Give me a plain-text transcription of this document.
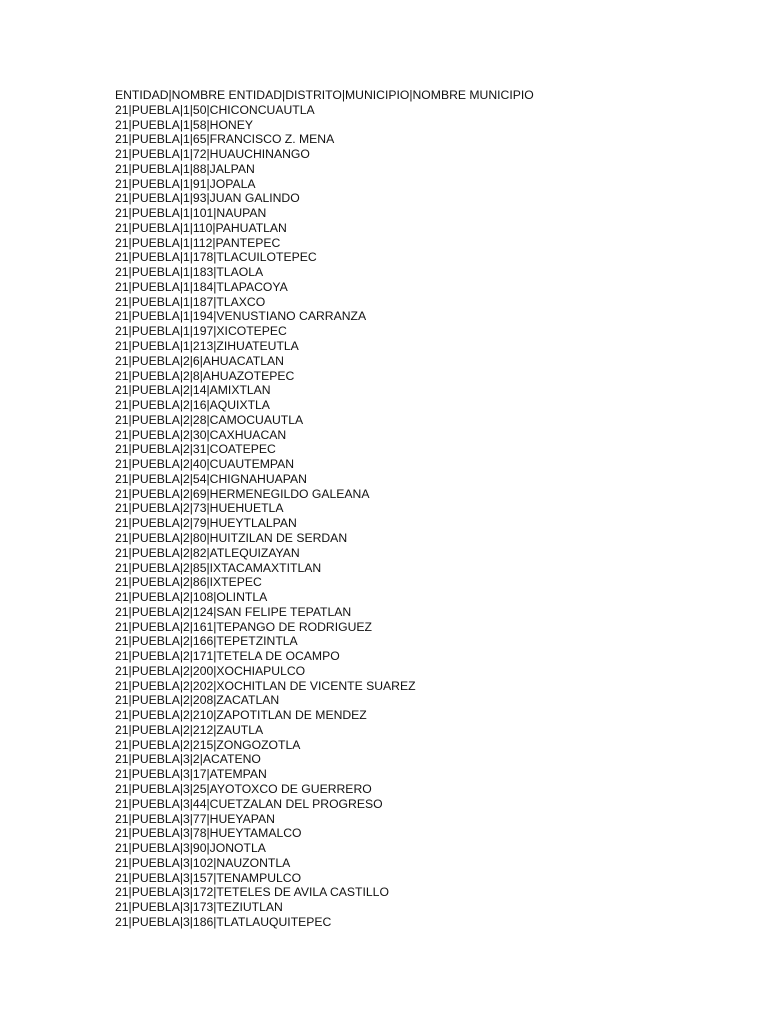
ENTIDAD|NOMBRE ENTIDAD|DISTRITO|MUNICIPIO|NOMBRE MUNICIPIO
21|PUEBLA|1|50|CHICONCUAUTLA
21|PUEBLA|1|58|HONEY
21|PUEBLA|1|65|FRANCISCO Z. MENA
21|PUEBLA|1|72|HUAUCHINANGO
21|PUEBLA|1|88|JALPAN
21|PUEBLA|1|91|JOPALA
21|PUEBLA|1|93|JUAN GALINDO
21|PUEBLA|1|101|NAUPAN
21|PUEBLA|1|110|PAHUATLAN
21|PUEBLA|1|112|PANTEPEC
21|PUEBLA|1|178|TLACUILOTEPEC
21|PUEBLA|1|183|TLAOLA
21|PUEBLA|1|184|TLAPACOYA
21|PUEBLA|1|187|TLAXCO
21|PUEBLA|1|194|VENUSTIANO CARRANZA
21|PUEBLA|1|197|XICOTEPEC
21|PUEBLA|1|213|ZIHUATEUTLA
21|PUEBLA|2|6|AHUACATLAN
21|PUEBLA|2|8|AHUAZOTEPEC
21|PUEBLA|2|14|AMIXTLAN
21|PUEBLA|2|16|AQUIXTLA
21|PUEBLA|2|28|CAMOCUAUTLA
21|PUEBLA|2|30|CAXHUACAN
21|PUEBLA|2|31|COATEPEC
21|PUEBLA|2|40|CUAUTEMPAN
21|PUEBLA|2|54|CHIGNAHUAPAN
21|PUEBLA|2|69|HERMENEGILDO GALEANA
21|PUEBLA|2|73|HUEHUETLA
21|PUEBLA|2|79|HUEYTLALPAN
21|PUEBLA|2|80|HUITZILAN DE SERDAN
21|PUEBLA|2|82|ATLEQUIZAYAN
21|PUEBLA|2|85|IXTACAMAXTITLAN
21|PUEBLA|2|86|IXTEPEC
21|PUEBLA|2|108|OLINTLA
21|PUEBLA|2|124|SAN FELIPE TEPATLAN
21|PUEBLA|2|161|TEPANGO DE RODRIGUEZ
21|PUEBLA|2|166|TEPETZINTLA
21|PUEBLA|2|171|TETELA DE OCAMPO
21|PUEBLA|2|200|XOCHIAPULCO
21|PUEBLA|2|202|XOCHITLAN DE VICENTE SUAREZ
21|PUEBLA|2|208|ZACATLAN
21|PUEBLA|2|210|ZAPOTITLAN DE MENDEZ
21|PUEBLA|2|212|ZAUTLA
21|PUEBLA|2|215|ZONGOZOTLA
21|PUEBLA|3|2|ACATENO
21|PUEBLA|3|17|ATEMPAN
21|PUEBLA|3|25|AYOTOXCO DE GUERRERO
21|PUEBLA|3|44|CUETZALAN DEL PROGRESO
21|PUEBLA|3|77|HUEYAPAN
21|PUEBLA|3|78|HUEYTAMALCO
21|PUEBLA|3|90|JONOTLA
21|PUEBLA|3|102|NAUZONTLA
21|PUEBLA|3|157|TENAMPULCO
21|PUEBLA|3|172|TETELES DE AVILA CASTILLO
21|PUEBLA|3|173|TEZIUTLAN
21|PUEBLA|3|186|TLATLAUQUITEPEC
